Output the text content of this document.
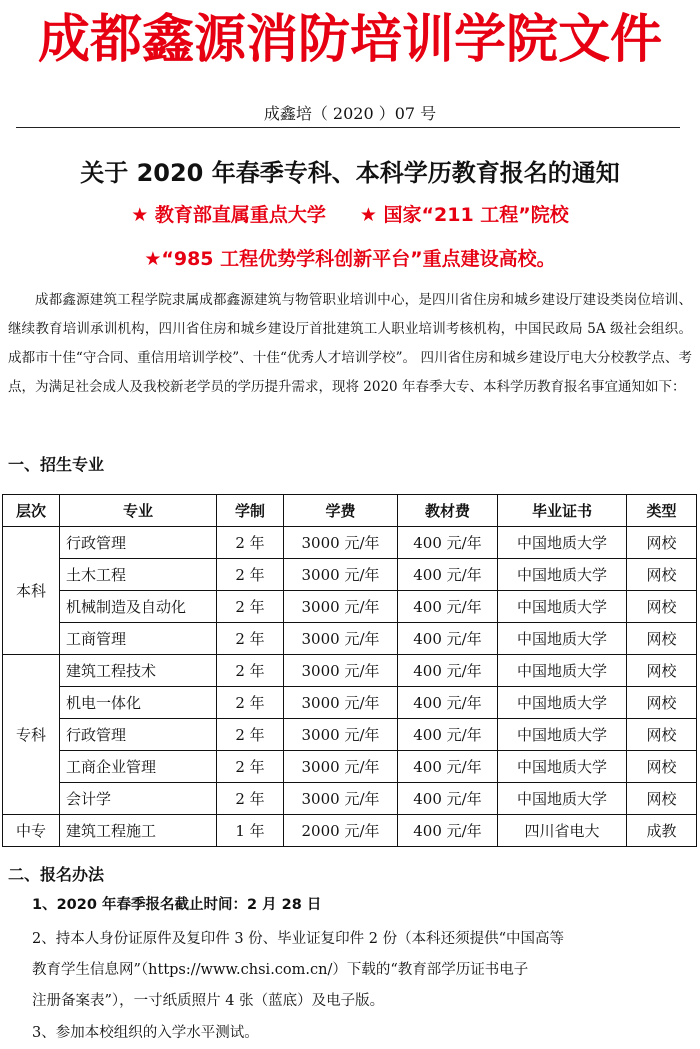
成都鑫源消防培训学院文件
成鑫培（ 2020 ）07 号
关于 2020 年春季专科、本科学历教育报名的通知
★ 教育部直属重点大学 ★ 国家“211 工程”院校
★“985 工程优势学科创新平台”重点建设高校。
成都鑫源建筑工程学院隶属成都鑫源建筑与物管职业培训中心，是四川省住房和城乡建设厅建设类岗位培训、继续教育培训承训机构，四川省住房和城乡建设厅首批建筑工人职业培训考核机构，中国民政局 5A 级社会组织。成都市十佳“守合同、重信用培训学校”、十佳“优秀人才培训学校”。 四川省住房和城乡建设厅电大分校教学点、考点，为满足社会成人及我校新老学员的学历提升需求，现将 2020 年春季大专、本科学历教育报名事宜通知如下：
一、招生专业
层次	专业	学制	学费	教材费	毕业证书	类型
本科	行政管理	2 年	3000 元/年	400 元/年	中国地质大学	网校
	土木工程	2 年	3000 元/年	400 元/年	中国地质大学	网校
	机械制造及自动化	2 年	3000 元/年	400 元/年	中国地质大学	网校
	工商管理	2 年	3000 元/年	400 元/年	中国地质大学	网校
专科	建筑工程技术	2 年	3000 元/年	400 元/年	中国地质大学	网校
	机电一体化	2 年	3000 元/年	400 元/年	中国地质大学	网校
	行政管理	2 年	3000 元/年	400 元/年	中国地质大学	网校
	工商企业管理	2 年	3000 元/年	400 元/年	中国地质大学	网校
	会计学	2 年	3000 元/年	400 元/年	中国地质大学	网校
中专	建筑工程施工	1 年	2000 元/年	400 元/年	四川省电大	成教
二、报名办法
1、2020 年春季报名截止时间：2 月 28 日
2、持本人身份证原件及复印件 3 份、毕业证复印件 2 份（本科还须提供“中国高等
教育学生信息网”（https://www.chsi.com.cn/）下载的“教育部学历证书电子
注册备案表”），一寸纸质照片 4 张（蓝底）及电子版。
3、参加本校组织的入学水平测试。
